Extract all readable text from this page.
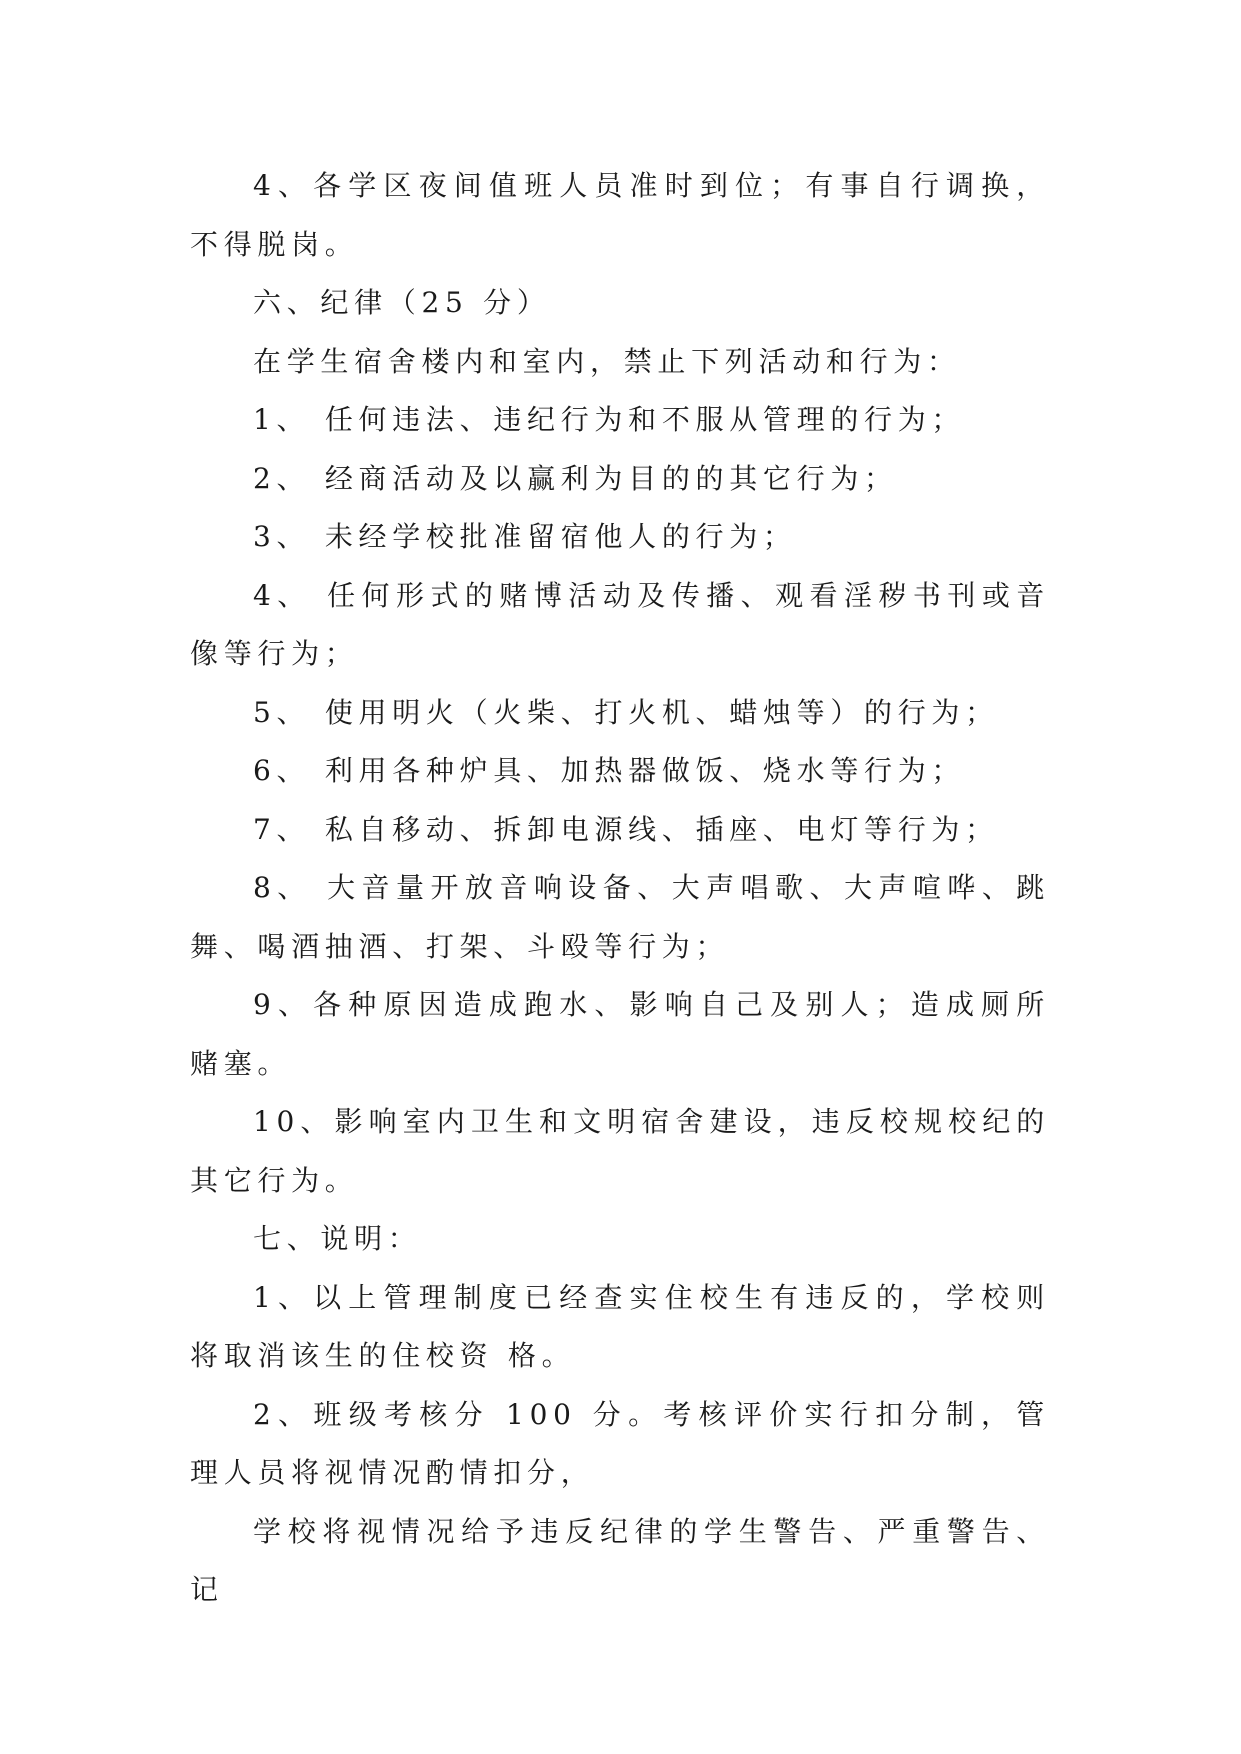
4、各学区夜间值班人员准时到位；有事自行调换，不得脱岗。

六、纪律（25 分）

在学生宿舍楼内和室内，禁止下列活动和行为：

1、 任何违法、违纪行为和不服从管理的行为；

2、 经商活动及以赢利为目的的其它行为；

3、 未经学校批准留宿他人的行为；

4、 任何形式的赌博活动及传播、观看淫秽书刊或音像等行为；

5、 使用明火（火柴、打火机、蜡烛等）的行为；

6、 利用各种炉具、加热器做饭、烧水等行为；

7、 私自移动、拆卸电源线、插座、电灯等行为；

8、 大音量开放音响设备、大声唱歌、大声喧哗、跳舞、喝酒抽酒、打架、斗殴等行为；

9、各种原因造成跑水、影响自己及别人；造成厕所赌塞。

10、影响室内卫生和文明宿舍建设，违反校规校纪的其它行为。

七、说明：

1、以上管理制度已经查实住校生有违反的，学校则将取消该生的住校资 格。

2、班级考核分 100 分。考核评价实行扣分制，管理人员将视情况酌情扣分，

学校将视情况给予违反纪律的学生警告、严重警告、记
